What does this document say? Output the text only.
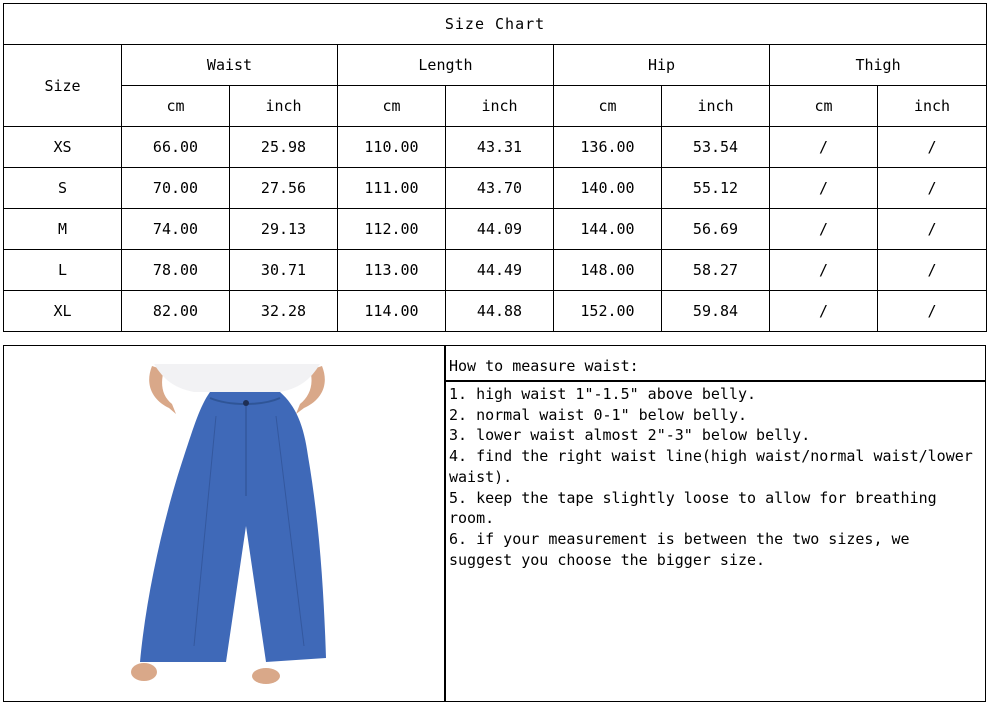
Size Chart								
Size	Waist		Length		Hip		Thigh	
	cm	inch	cm	inch	cm	inch	cm	inch
XS	66.00	25.98	110.00	43.31	136.00	53.54	/	/
S	70.00	27.56	111.00	43.70	140.00	55.12	/	/
M	74.00	29.13	112.00	44.09	144.00	56.69	/	/
L	78.00	30.71	113.00	44.49	148.00	58.27	/	/
XL	82.00	32.28	114.00	44.88	152.00	59.84	/	/
How to measure waist:
1. high waist 1"-1.5" above belly.
2. normal waist 0-1" below belly.
3. lower waist almost 2"-3" below belly.
4. find the right waist line(high waist/normal waist/lower waist).
5. keep the tape slightly loose to allow for breathing room.
6. if your measurement is between the two sizes, we suggest you choose the bigger size.
